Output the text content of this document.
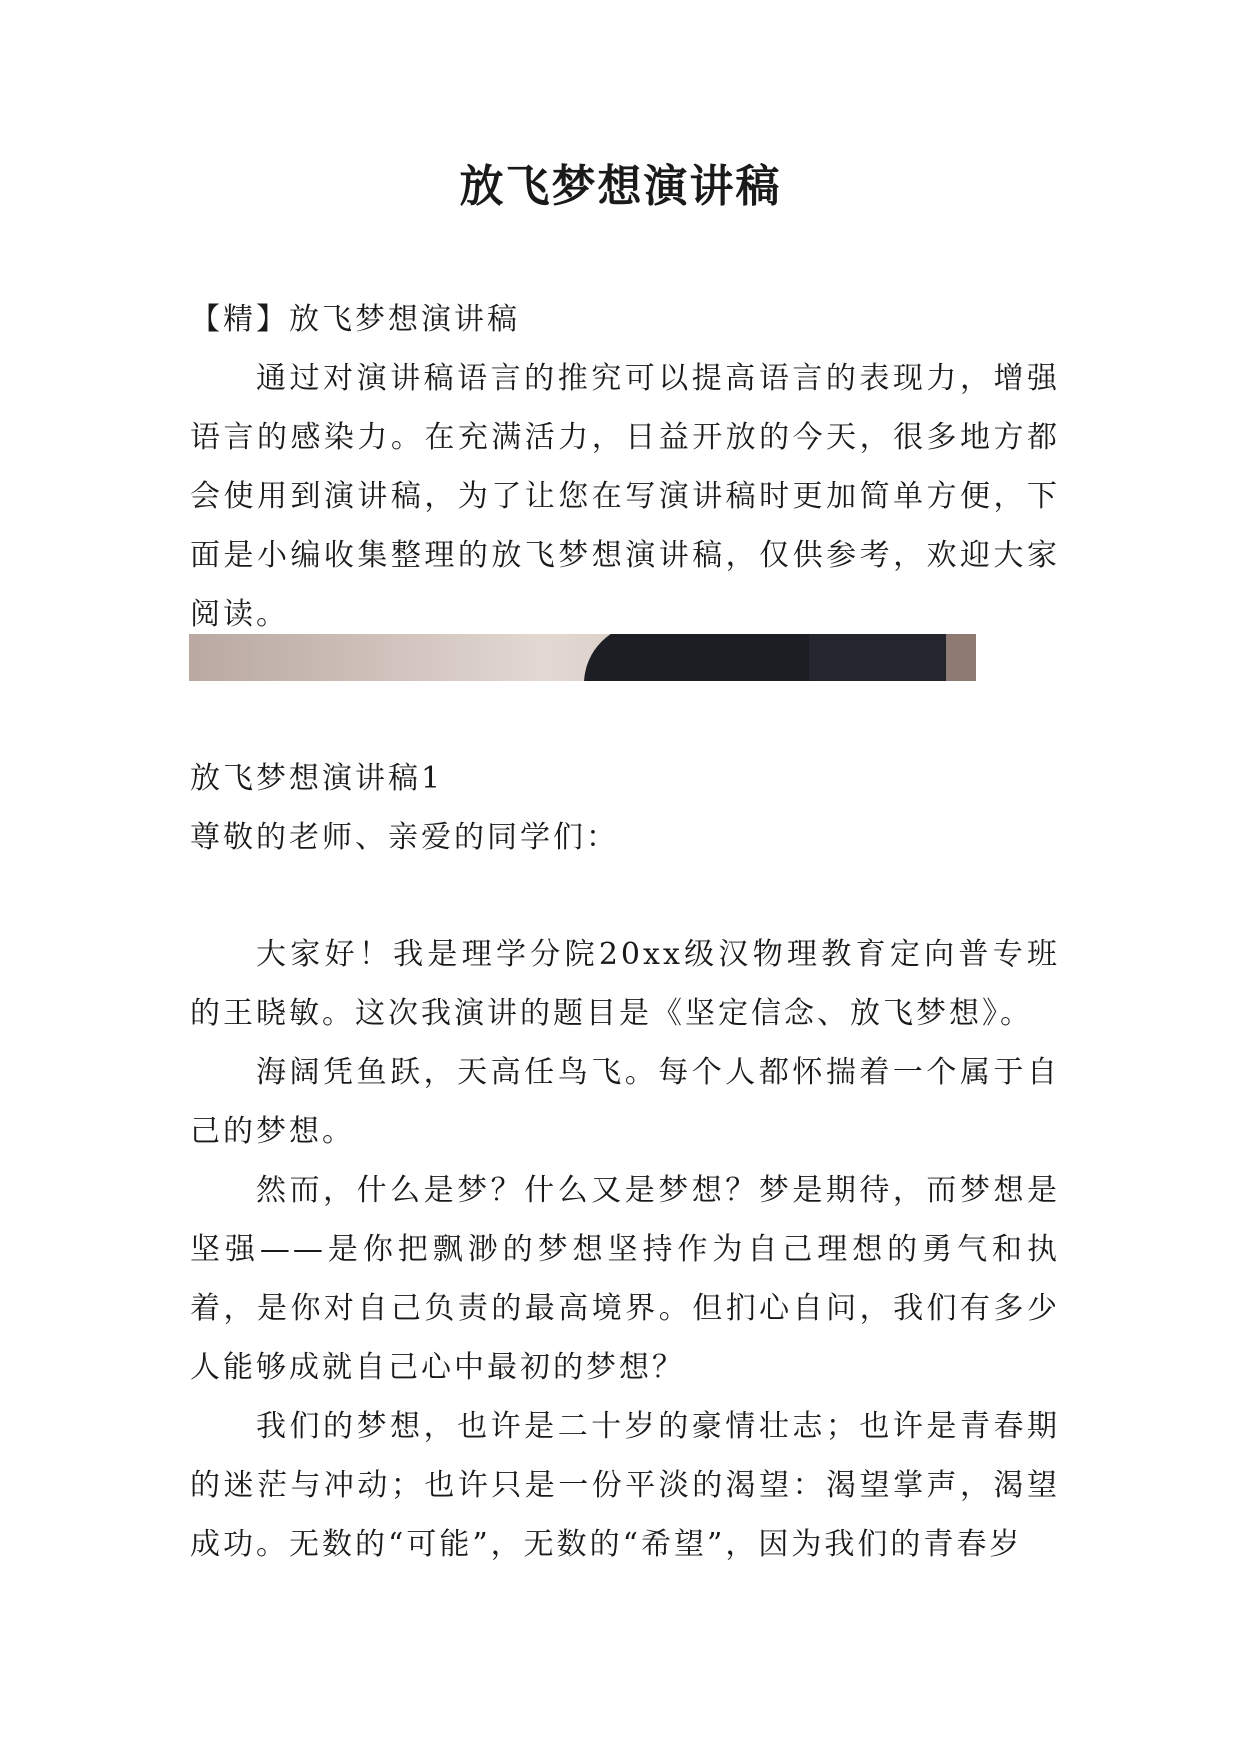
放飞梦想演讲稿

【精】放飞梦想演讲稿

通过对演讲稿语言的推究可以提高语言的表现力，增强语言的感染力。在充满活力，日益开放的今天，很多地方都会使用到演讲稿，为了让您在写演讲稿时更加简单方便，下面是小编收集整理的放飞梦想演讲稿，仅供参考，欢迎大家阅读。

放飞梦想演讲稿1

尊敬的老师、亲爱的同学们：

大家好！我是理学分院20xx级汉物理教育定向普专班的王晓敏。这次我演讲的题目是《坚定信念、放飞梦想》。

海阔凭鱼跃，天高任鸟飞。每个人都怀揣着一个属于自己的梦想。

然而，什么是梦？什么又是梦想？梦是期待，而梦想是坚强——是你把飘渺的梦想坚持作为自己理想的勇气和执着，是你对自己负责的最高境界。但扪心自问，我们有多少人能够成就自己心中最初的梦想？

我们的梦想，也许是二十岁的豪情壮志；也许是青春期的迷茫与冲动；也许只是一份平淡的渴望：渴望掌声，渴望成功。无数的“可能”，无数的“希望”，因为我们的青春岁
